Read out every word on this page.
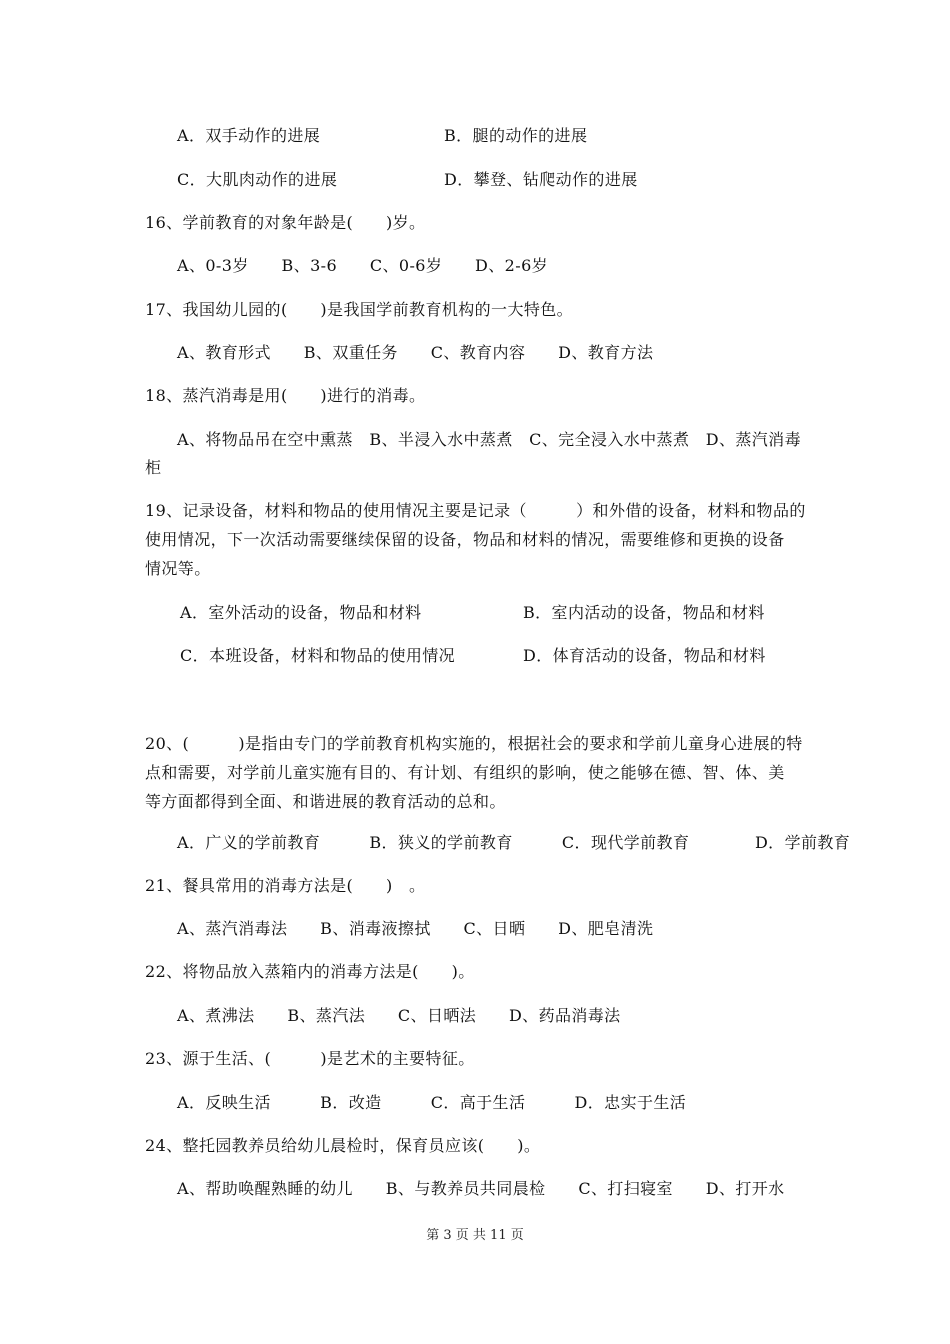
A．双手动作的进展	B．腿的动作的进展
C．大肌肉动作的进展	D．攀登、钻爬动作的进展
16、学前教育的对象年龄是(　　)岁。
A、0-3岁　　B、3-6　　C、0-6岁　　D、2-6岁
17、我国幼儿园的(　　)是我国学前教育机构的一大特色。
A、教育形式　　B、双重任务　　C、教育内容　　D、教育方法
18、蒸汽消毒是用(　　)进行的消毒。
A、将物品吊在空中熏蒸　B、半浸入水中蒸煮　C、完全浸入水中蒸煮　D、蒸汽消毒
柜
19、记录设备，材料和物品的使用情况主要是记录（　　　）和外借的设备，材料和物品的
使用情况，下一次活动需要继续保留的设备，物品和材料的情况，需要维修和更换的设备
情况等。
A．室外活动的设备，物品和材料	B．室内活动的设备，物品和材料
C．本班设备，材料和物品的使用情况	D．体育活动的设备，物品和材料
20、(　　　)是指由专门的学前教育机构实施的，根据社会的要求和学前儿童身心进展的特
点和需要，对学前儿童实施有目的、有计划、有组织的影响，使之能够在德、智、体、美
等方面都得到全面、和谐进展的教育活动的总和。
A．广义的学前教育　　　B．狭义的学前教育　　　C．现代学前教育　　　　D．学前教育
21、餐具常用的消毒方法是(　　)　。
A、蒸汽消毒法　　B、消毒液擦拭　　C、日晒　　D、肥皂清洗
22、将物品放入蒸箱内的消毒方法是(　　)。
A、煮沸法　　B、蒸汽法　　C、日晒法　　D、药品消毒法
23、源于生活、(　　　)是艺术的主要特征。
A．反映生活　　　B．改造　　　C．高于生活　　　D．忠实于生活
24、整托园教养员给幼儿晨检时，保育员应该(　　)。
A、帮助唤醒熟睡的幼儿　　B、与教养员共同晨检　　C、打扫寝室　　D、打开水
第 3 页 共 11 页
